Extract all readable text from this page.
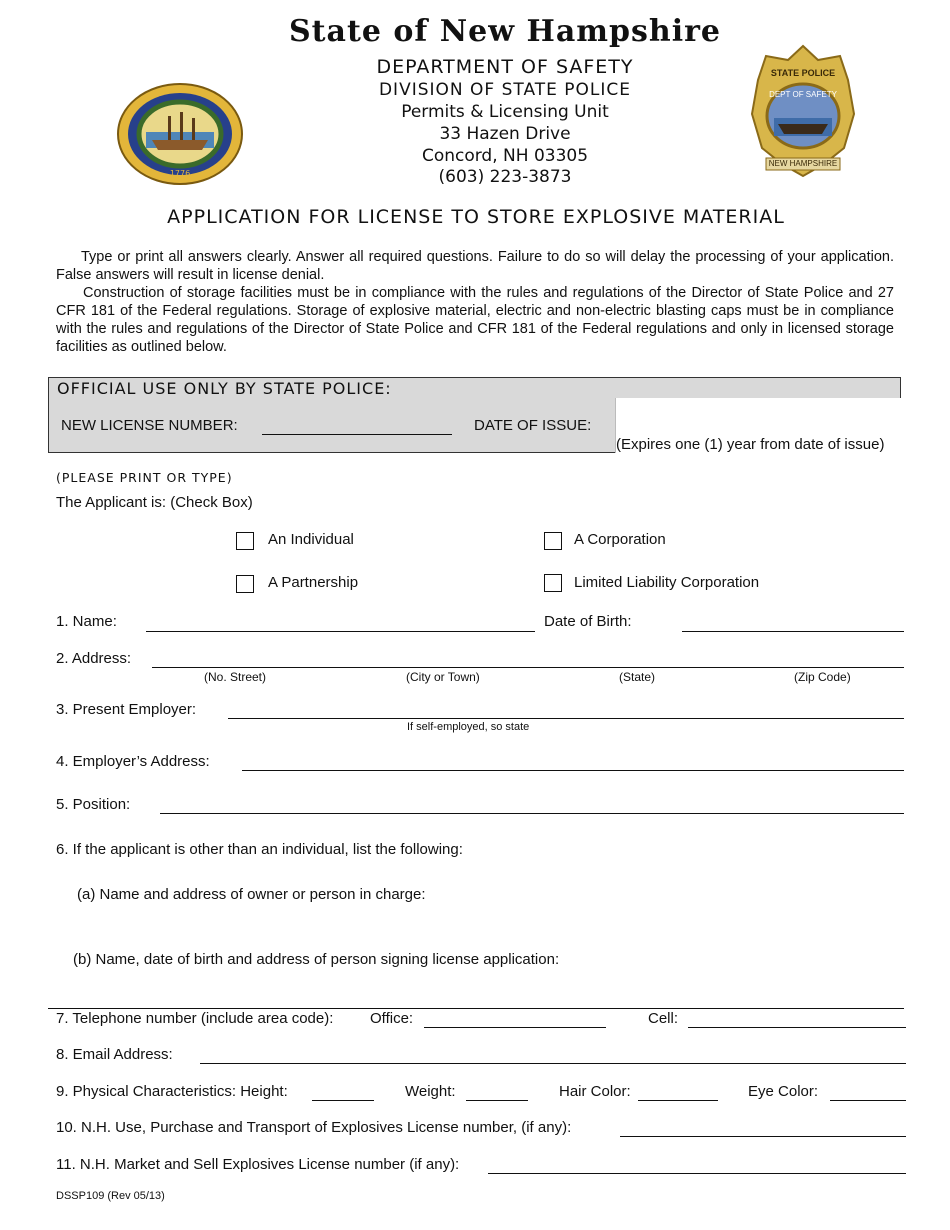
1776
STATE POLICE
DEPT OF SAFETY
NEW HAMPSHIRE
State of New Hampshire
DEPARTMENT OF SAFETY
DIVISION OF STATE POLICE
Permits & Licensing Unit
33 Hazen Drive
Concord, NH 03305
(603) 223-3873
APPLICATION FOR LICENSE TO STORE EXPLOSIVE MATERIAL
Type or print all answers clearly. Answer all required questions. Failure to do so will delay the processing of your application. False answers will result in license denial.
Construction of storage facilities must be in compliance with the rules and regulations of the Director of State Police and 27 CFR 181 of the Federal regulations. Storage of explosive material, electric and non-electric blasting caps must be in compliance with the rules and regulations of the Director of State Police and CFR 181 of the Federal regulations and only in licensed storage facilities as outlined below.
OFFICIAL USE ONLY BY STATE POLICE:
NEW LICENSE NUMBER:	DATE OF ISSUE:
(Expires one (1) year from date of issue)
(PLEASE PRINT OR TYPE)
The Applicant is: (Check Box)
An Individual	A Corporation
A Partnership	Limited Liability Corporation
1. Name:	Date of Birth:
2. Address:
(No. Street)	(City or Town)	(State)	(Zip Code)
3. Present Employer:
If self-employed, so state
4. Employer’s Address:
5. Position:
6. If the applicant is other than an individual, list the following:
(a) Name and address of owner or person in charge:
(b) Name, date of birth and address of person signing license application:
7. Telephone number (include area code): Office:	Cell:
8. Email Address:
9. Physical Characteristics: Height:	Weight:	Hair Color:	Eye Color:
10. N.H. Use, Purchase and Transport of Explosives License number, (if any):
11. N.H. Market and Sell Explosives License number (if any):
DSSP109 (Rev 05/13)
